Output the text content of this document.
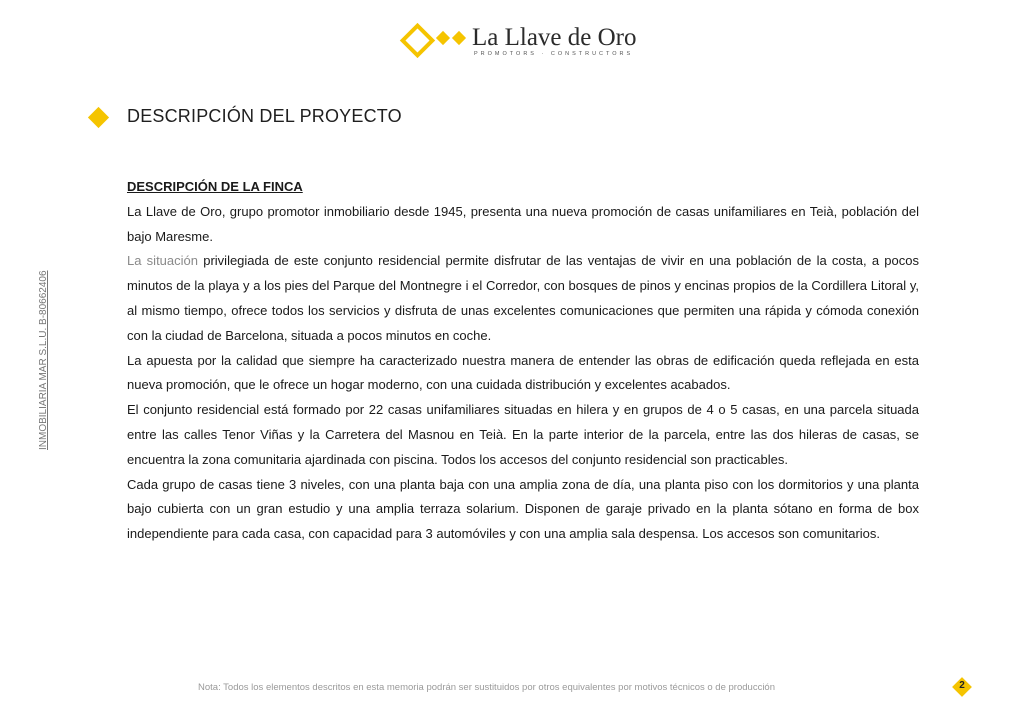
La Llave de Oro
PROMOTORS · CONSTRUCTORS
INMOBILIARIA MAR S.L.U. B-80662406
DESCRIPCIÓN DEL PROYECTO

DESCRIPCIÓN DE LA FINCA

La Llave de Oro, grupo promotor inmobiliario desde 1945, presenta una nueva promoción de casas unifamiliares en Teià, población del bajo Maresme.

La situación privilegiada de este conjunto residencial permite disfrutar de las ventajas de vivir en una población de la costa, a pocos minutos de la playa y a los pies del Parque del Montnegre i el Corredor, con bosques de pinos y encinas propios de la Cordillera Litoral y, al mismo tiempo, ofrece todos los servicios y disfruta de unas excelentes comunicaciones que permiten una rápida y cómoda conexión con la ciudad de Barcelona, situada a pocos minutos en coche.

La apuesta por la calidad que siempre ha caracterizado nuestra manera de entender las obras de edificación queda reflejada en esta nueva promoción, que le ofrece un hogar moderno, con una cuidada distribución y excelentes acabados.

El conjunto residencial está formado por 22 casas unifamiliares situadas en hilera y en grupos de 4 o 5 casas, en una parcela situada entre las calles Tenor Viñas y la Carretera del Masnou en Teià. En la parte interior de la parcela, entre las dos hileras de casas, se encuentra la zona comunitaria ajardinada con piscina. Todos los accesos del conjunto residencial son practicables.

Cada grupo de casas tiene 3 niveles, con una planta baja con una amplia zona de día, una planta piso con los dormitorios y una planta bajo cubierta con un gran estudio y una amplia terraza solarium. Disponen de garaje privado en la planta sótano en forma de box independiente para cada casa, con capacidad para 3 automóviles y con una amplia sala despensa. Los accesos son comunitarios.

Nota: Todos los elementos descritos en esta memoria podrán ser sustituidos por otros equivalentes por motivos técnicos o de producción	2
